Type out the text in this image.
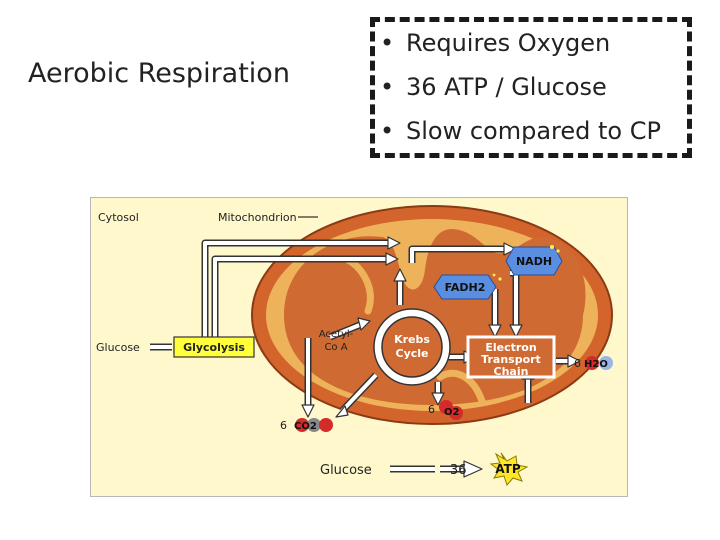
Aerobic Respiration
• Requires Oxygen
• 36 ATP / Glucose
• Slow compared to CP
Cytosol	Mitochondrion
Krebs
Cycle
Glucose	Glycolysis
Acetyl-
Co A
NADH
FADH2
Electron
Transport
Chain
6 H2O
6 O2
6 CO2
Glucose	36 ATP
